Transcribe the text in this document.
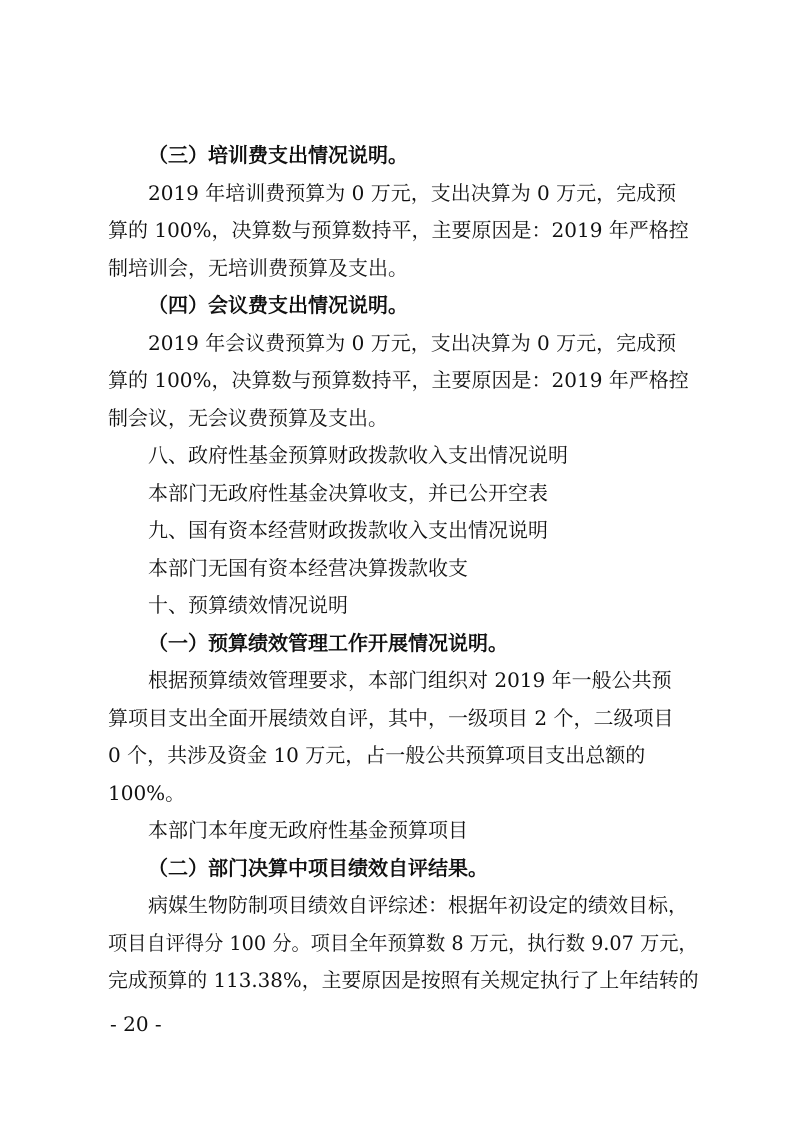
（三）培训费支出情况说明。
2019 年培训费预算为 0 万元，支出决算为 0 万元，完成预
算的 100%，决算数与预算数持平，主要原因是：2019 年严格控
制培训会，无培训费预算及支出。
（四）会议费支出情况说明。
2019 年会议费预算为 0 万元，支出决算为 0 万元，完成预
算的 100%，决算数与预算数持平，主要原因是：2019 年严格控
制会议，无会议费预算及支出。
八、政府性基金预算财政拨款收入支出情况说明
本部门无政府性基金决算收支，并已公开空表
九、国有资本经营财政拨款收入支出情况说明
本部门无国有资本经营决算拨款收支
十、预算绩效情况说明
（一）预算绩效管理工作开展情况说明。
根据预算绩效管理要求，本部门组织对 2019 年一般公共预
算项目支出全面开展绩效自评，其中，一级项目 2 个，二级项目
0 个，共涉及资金 10 万元，占一般公共预算项目支出总额的
100%。
本部门本年度无政府性基金预算项目
（二）部门决算中项目绩效自评结果。
病媒生物防制项目绩效自评综述：根据年初设定的绩效目标，
项目自评得分 100 分。项目全年预算数 8 万元，执行数 9.07 万元，
完成预算的 113.38%，主要原因是按照有关规定执行了上年结转的
- 20 -
